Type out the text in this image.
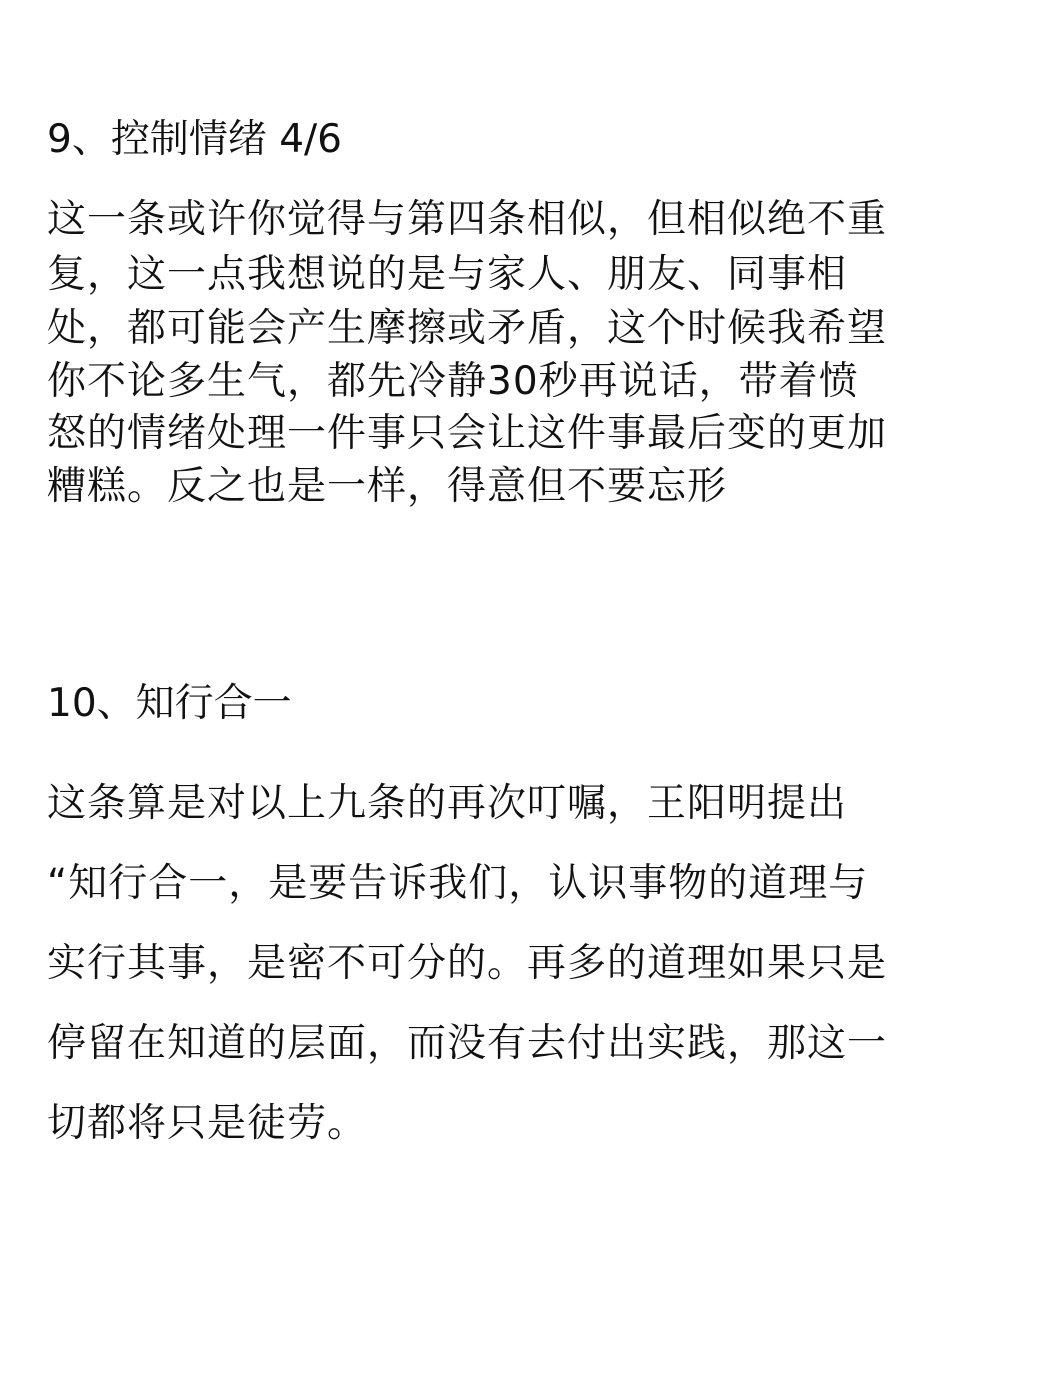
9、控制情绪 4/6

这一条或许你觉得与第四条相似，但相似绝不重

复，这一点我想说的是与家人、朋友、同事相

处，都可能会产生摩擦或矛盾，这个时候我希望

你不论多生气，都先冷静30秒再说话，带着愤

怒的情绪处理一件事只会让这件事最后变的更加

糟糕。反之也是一样，得意但不要忘形

10、知行合一

这条算是对以上九条的再次叮嘱，王阳明提出

“知行合一，是要告诉我们，认识事物的道理与

实行其事，是密不可分的。再多的道理如果只是

停留在知道的层面，而没有去付出实践，那这一

切都将只是徒劳。
